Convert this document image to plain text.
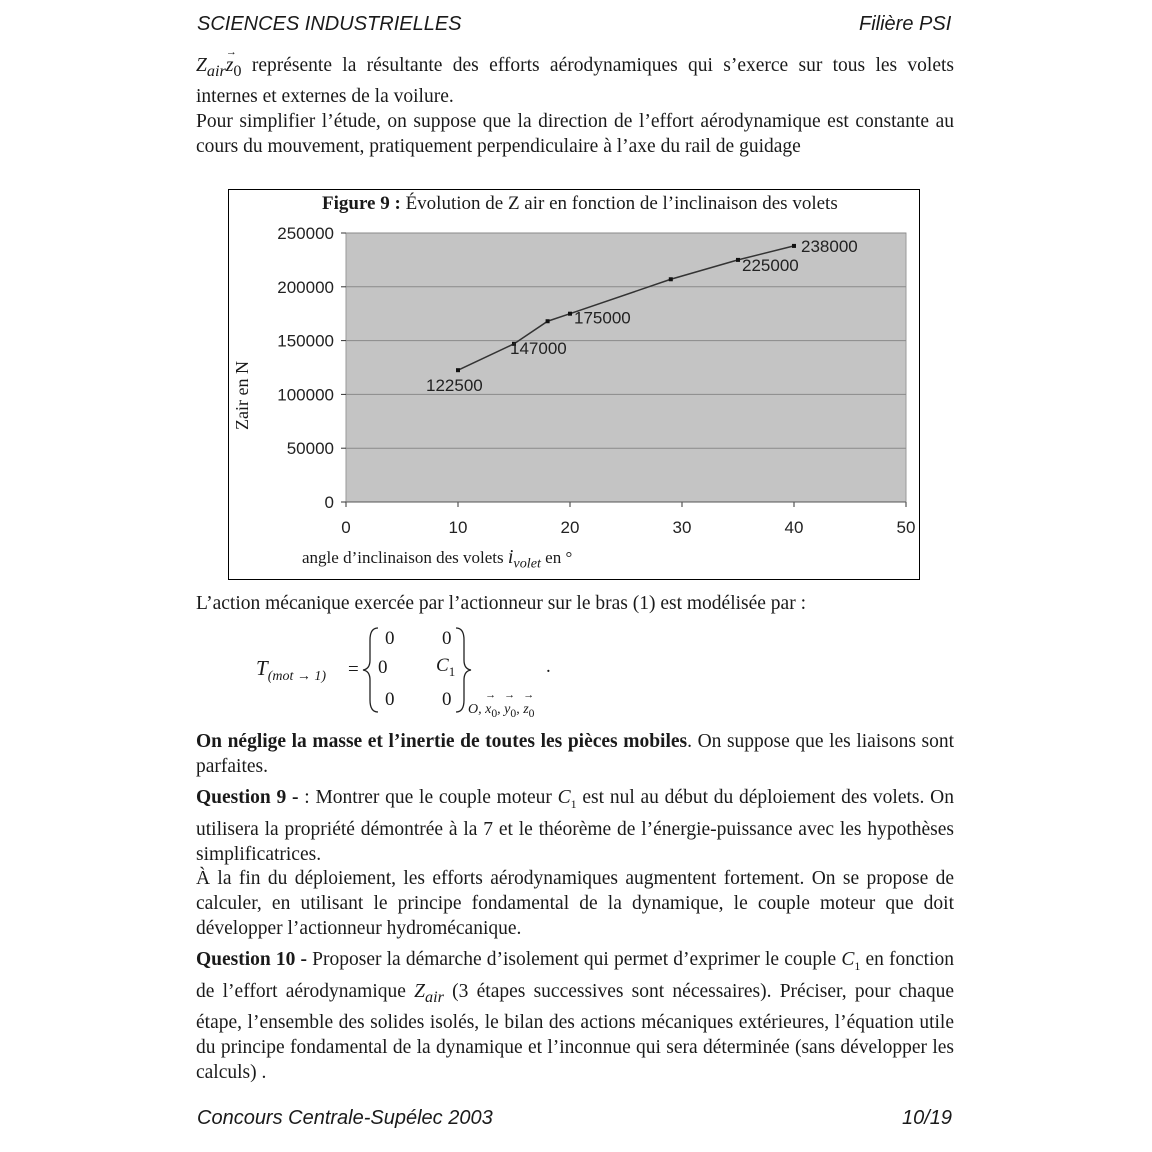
SCIENCES INDUSTRIELLES	Filière PSI

$Z_{air}\to z_0$ représente la résultante des efforts aérodynamiques qui s’exerce sur tous les volets internes et externes de la voilure.

Pour simplifier l’étude, on suppose que la direction de l’effort aérodynamique est constante au cours du mouvement, pratiquement perpendiculaire à l’axe du rail de guidage

Figure 9 : Évolution de Z air en fonction de l’inclinaison des volets
0
50000
100000
150000
200000
250000
0	10	20	30	40	50
122500
147000
175000
225000
238000
Zair en N
angle d’inclinaison des volets $i_{volet}$ en °

L’action mécanique exercée par l’actionneur sur le bras (1) est modélisée par :

$T_{(mot \to 1)}$ =
0	0
0	$C_1$
0	0 O, → $x_0$, → $y_0$, → $z_0$
.

On néglige la masse et l’inertie de toutes les pièces mobiles. On suppose que les liaisons sont parfaites.

Question 9 - : Montrer que le couple moteur $C_1$ est nul au début du déploiement des volets. On utilisera la propriété démontrée à la 7 et le théorème de l’énergie-puissance avec les hypothèses simplificatrices.

À la fin du déploiement, les efforts aérodynamiques augmentent fortement. On se propose de calculer, en utilisant le principe fondamental de la dynamique, le couple moteur que doit développer l’actionneur hydromécanique.

Question 10 - Proposer la démarche d’isolement qui permet d’exprimer le couple $C_1$ en fonction de l’effort aérodynamique $Z_{air}$ (3 étapes successives sont nécessaires). Préciser, pour chaque étape, l’ensemble des solides isolés, le bilan des actions mécaniques extérieures, l’équation utile du principe fondamental de la dynamique et l’inconnue qui sera déterminée (sans développer les calculs) .

Concours Centrale-Supélec 2003	10/19
